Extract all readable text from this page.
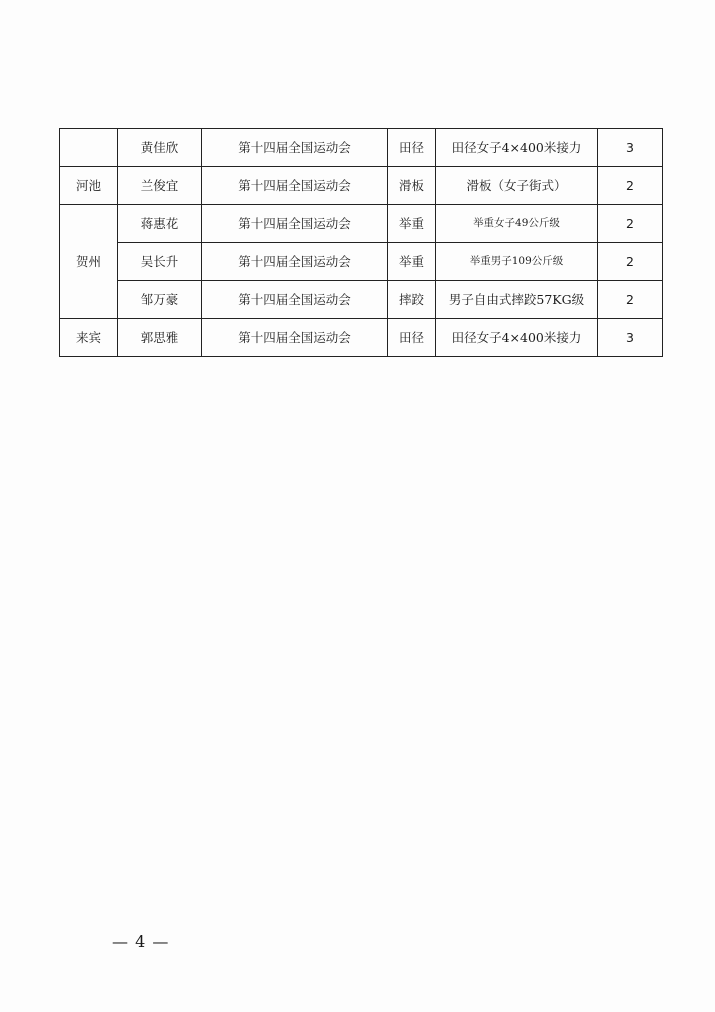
	黄佳欣	第十四届全国运动会	田径	田径女子4×400米接力	3
河池	兰俊宜	第十四届全国运动会	滑板	滑板（女子街式）	2
贺州	蒋惠花	第十四届全国运动会	举重	举重女子49公斤级	2
	吴长升	第十四届全国运动会	举重	举重男子109公斤级	2
	邹万豪	第十四届全国运动会	摔跤	男子自由式摔跤57KG级	2
来宾	郭思雅	第十四届全国运动会	田径	田径女子4×400米接力	3
— 4 —
